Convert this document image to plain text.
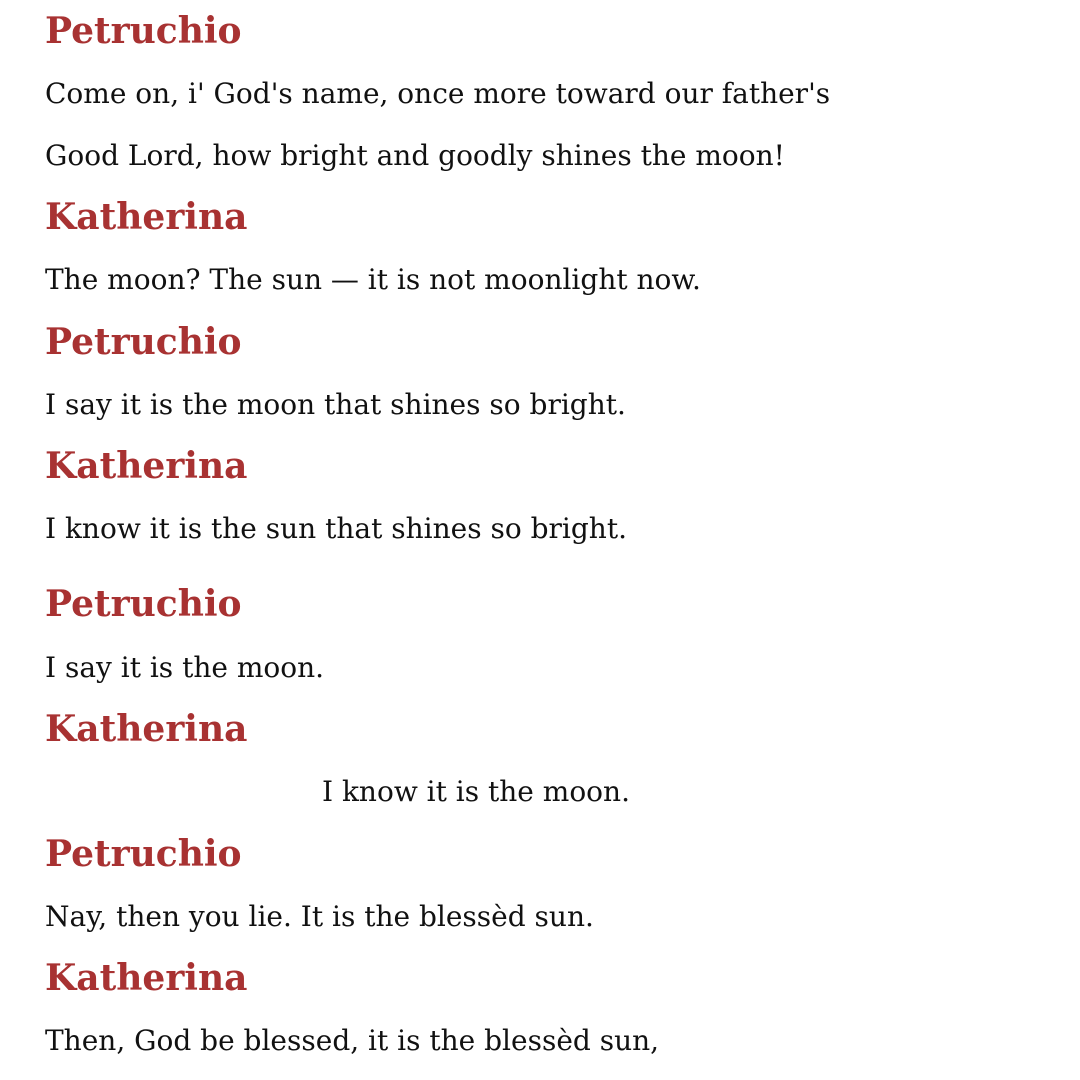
Petruchio

Come on, i' God's name, once more toward our father's

Good Lord, how bright and goodly shines the moon!

Katherina

The moon? The sun — it is not moonlight now.

Petruchio

I say it is the moon that shines so bright.

Katherina

I know it is the sun that shines so bright.

Petruchio

I say it is the moon.

Katherina

I know it is the moon.

Petruchio

Nay, then you lie. It is the blessèd sun.

Katherina

Then, God be blessed, it is the blessèd sun,
